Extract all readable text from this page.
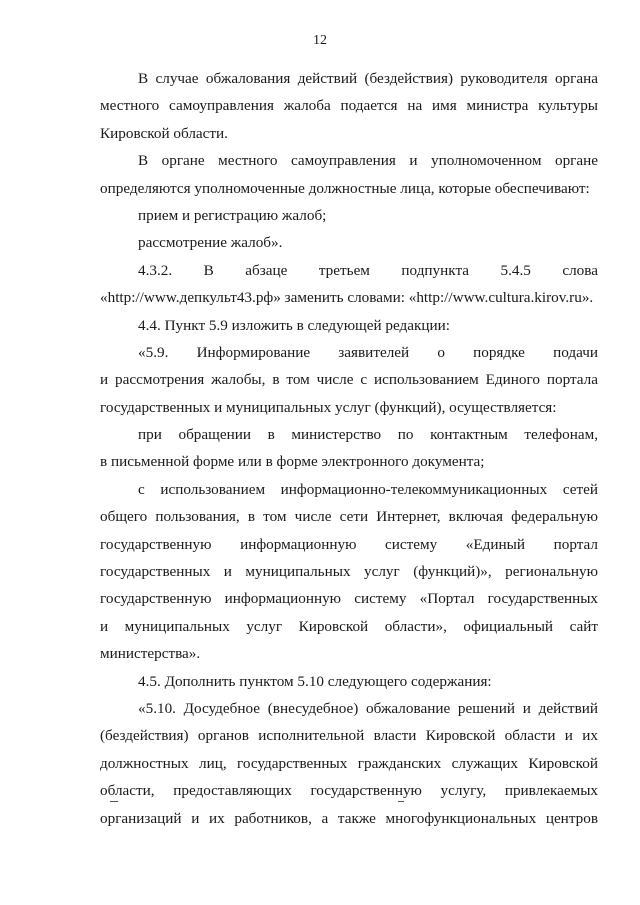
12

В случае обжалования действий (бездействия) руководителя органа

местного самоуправления жалоба подается на имя министра культуры

Кировской области.

В органе местного самоуправления и уполномоченном органе

определяются уполномоченные должностные лица, которые обеспечивают:

прием и регистрацию жалоб;

рассмотрение жалоб».

4.3.2. В абзаце третьем подпункта 5.4.5 слова

«http://www.депкульт43.рф» заменить словами: «http://www.cultura.kirov.ru».

4.4. Пункт 5.9 изложить в следующей редакции:

«5.9. Информирование заявителей о порядке подачи

и рассмотрения жалобы, в том числе с использованием Единого портала

государственных и муниципальных услуг (функций), осуществляется:

при обращении в министерство по контактным телефонам,

в письменной форме или в форме электронного документа;

с использованием информационно-телекоммуникационных сетей

общего пользования, в том числе сети Интернет, включая федеральную

государственную информационную систему «Единый портал

государственных и муниципальных услуг (функций)», региональную

государственную информационную систему «Портал государственных

и муниципальных услуг Кировской области», официальный сайт

министерства».

4.5. Дополнить пунктом 5.10 следующего содержания:

«5.10. Досудебное (внесудебное) обжалование решений и действий

(бездействия) органов исполнительной власти Кировской области и их

должностных лиц, государственных гражданских служащих Кировской

области, предоставляющих государственную услугу, привлекаемых

организаций и их работников, а также многофункциональных центров
